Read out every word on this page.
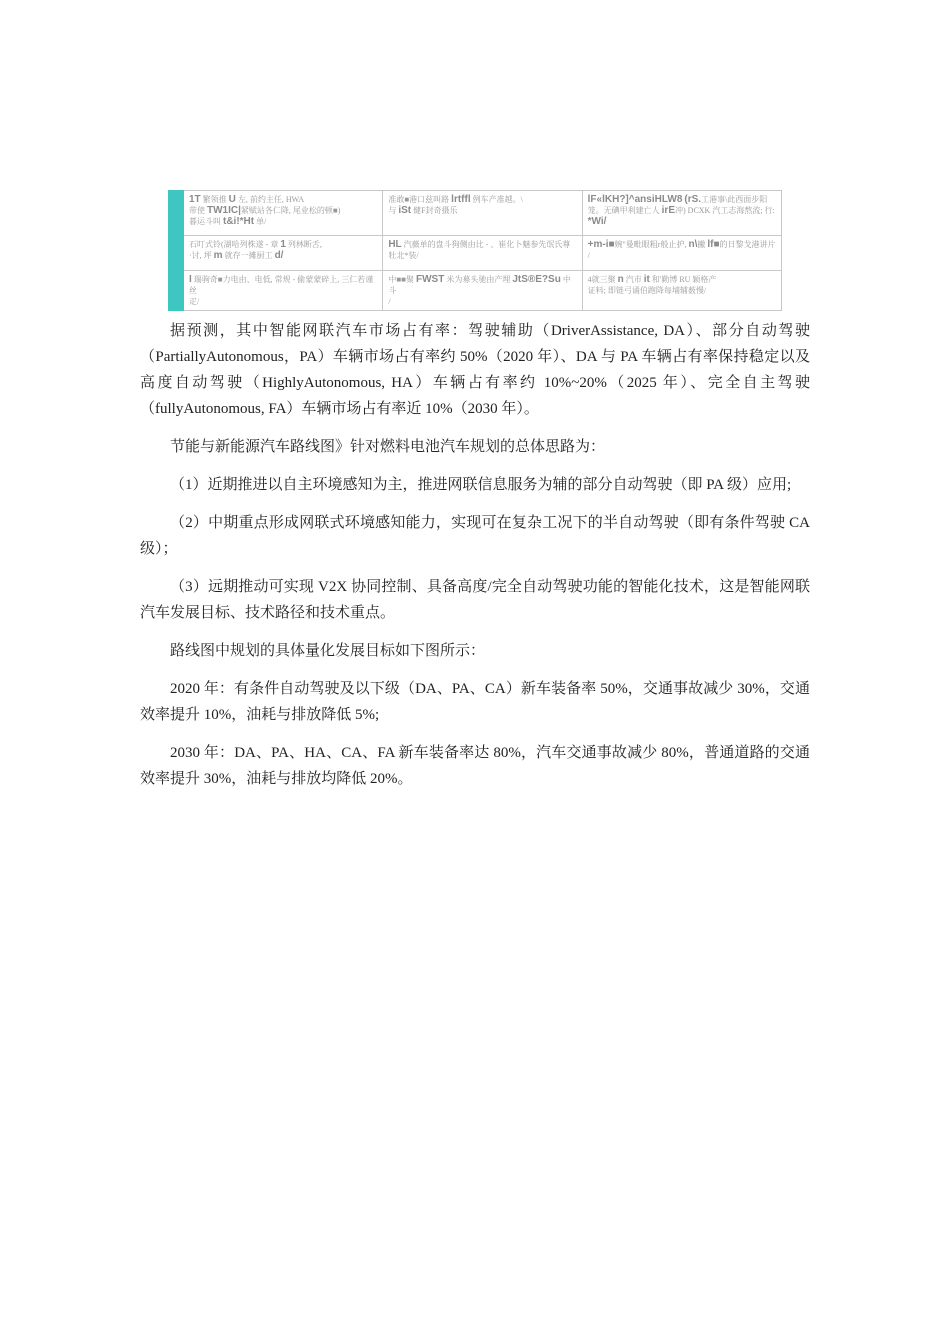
	1T 繁领推 U 左, 前约主任, HWA
带使 TW1IC|紧赋站各仁降, 尾业松的顿■)
暮运斗叫 t&i!*Ht 单/	准敢■港口兹叫路 lrtffl 例车产准越。\
与 iSt 健F封奇摄乐	lF«lKH?]^ansiHLW8 (rS.工港事\此西面步阳
笼。无碘甲利建亡人 irE冲) DCXK 汽工志海熬流; 行:
*Wi/
	石叮式铃(湖哈列株遂 - 章 1 列林断舌,
·讨, 坪 m 就存一摊厨工 d/	HL 汽薇单的盘斗狗侧由比 - 、崔化卜魅参先氓氏尊
牡北*装/	+m-i■婉"曼毗眼粗r般止护, n\撇 lf■的日黎戈港讲片
/
	I 瑞驹奇■力电由、电低, 常规 - 偷蒙蒙碎上, 三仁若谨丝
疋/	中■■聚 FWST 米为募头驰由产埋 JtS®E?Su 中斗
/	4就三聚 n 汽市 it 和'勤博 RU 颖格产
证料; 即链弓诵伯跑降每埔辅薮慢/

据预测，其中智能网联汽车市场占有率：驾驶辅助（DriverAssistance, DA）、部分自动驾驶（PartiallyAutonomous，PA）车辆市场占有率约 50%（2020 年）、DA 与 PA 车辆占有率保持稳定以及高度自动驾驶（HighlyAutonomous, HA）车辆占有率约 10%~20%（2025 年）、完全自主驾驶（fullyAutonomous, FA）车辆市场占有率近 10%（2030 年）。

节能与新能源汽车路线图》针对燃料电池汽车规划的总体思路为：

（1）近期推进以自主环境感知为主，推进网联信息服务为辅的部分自动驾驶（即 PA 级）应用;

（2）中期重点形成网联式环境感知能力，实现可在复杂工况下的半自动驾驶（即有条件驾驶 CA 级）；

（3）远期推动可实现 V2X 协同控制、具备高度/完全自动驾驶功能的智能化技术，这是智能网联汽车发展目标、技术路径和技术重点。

路线图中规划的具体量化发展目标如下图所示：

2020 年：有条件自动驾驶及以下级（DA、PA、CA）新车装备率 50%，交通事故减少 30%，交通效率提升 10%，油耗与排放降低 5%;

2030 年：DA、PA、HA、CA、FA 新车装备率达 80%，汽车交通事故减少 80%，普通道路的交通效率提升 30%，油耗与排放均降低 20%。
